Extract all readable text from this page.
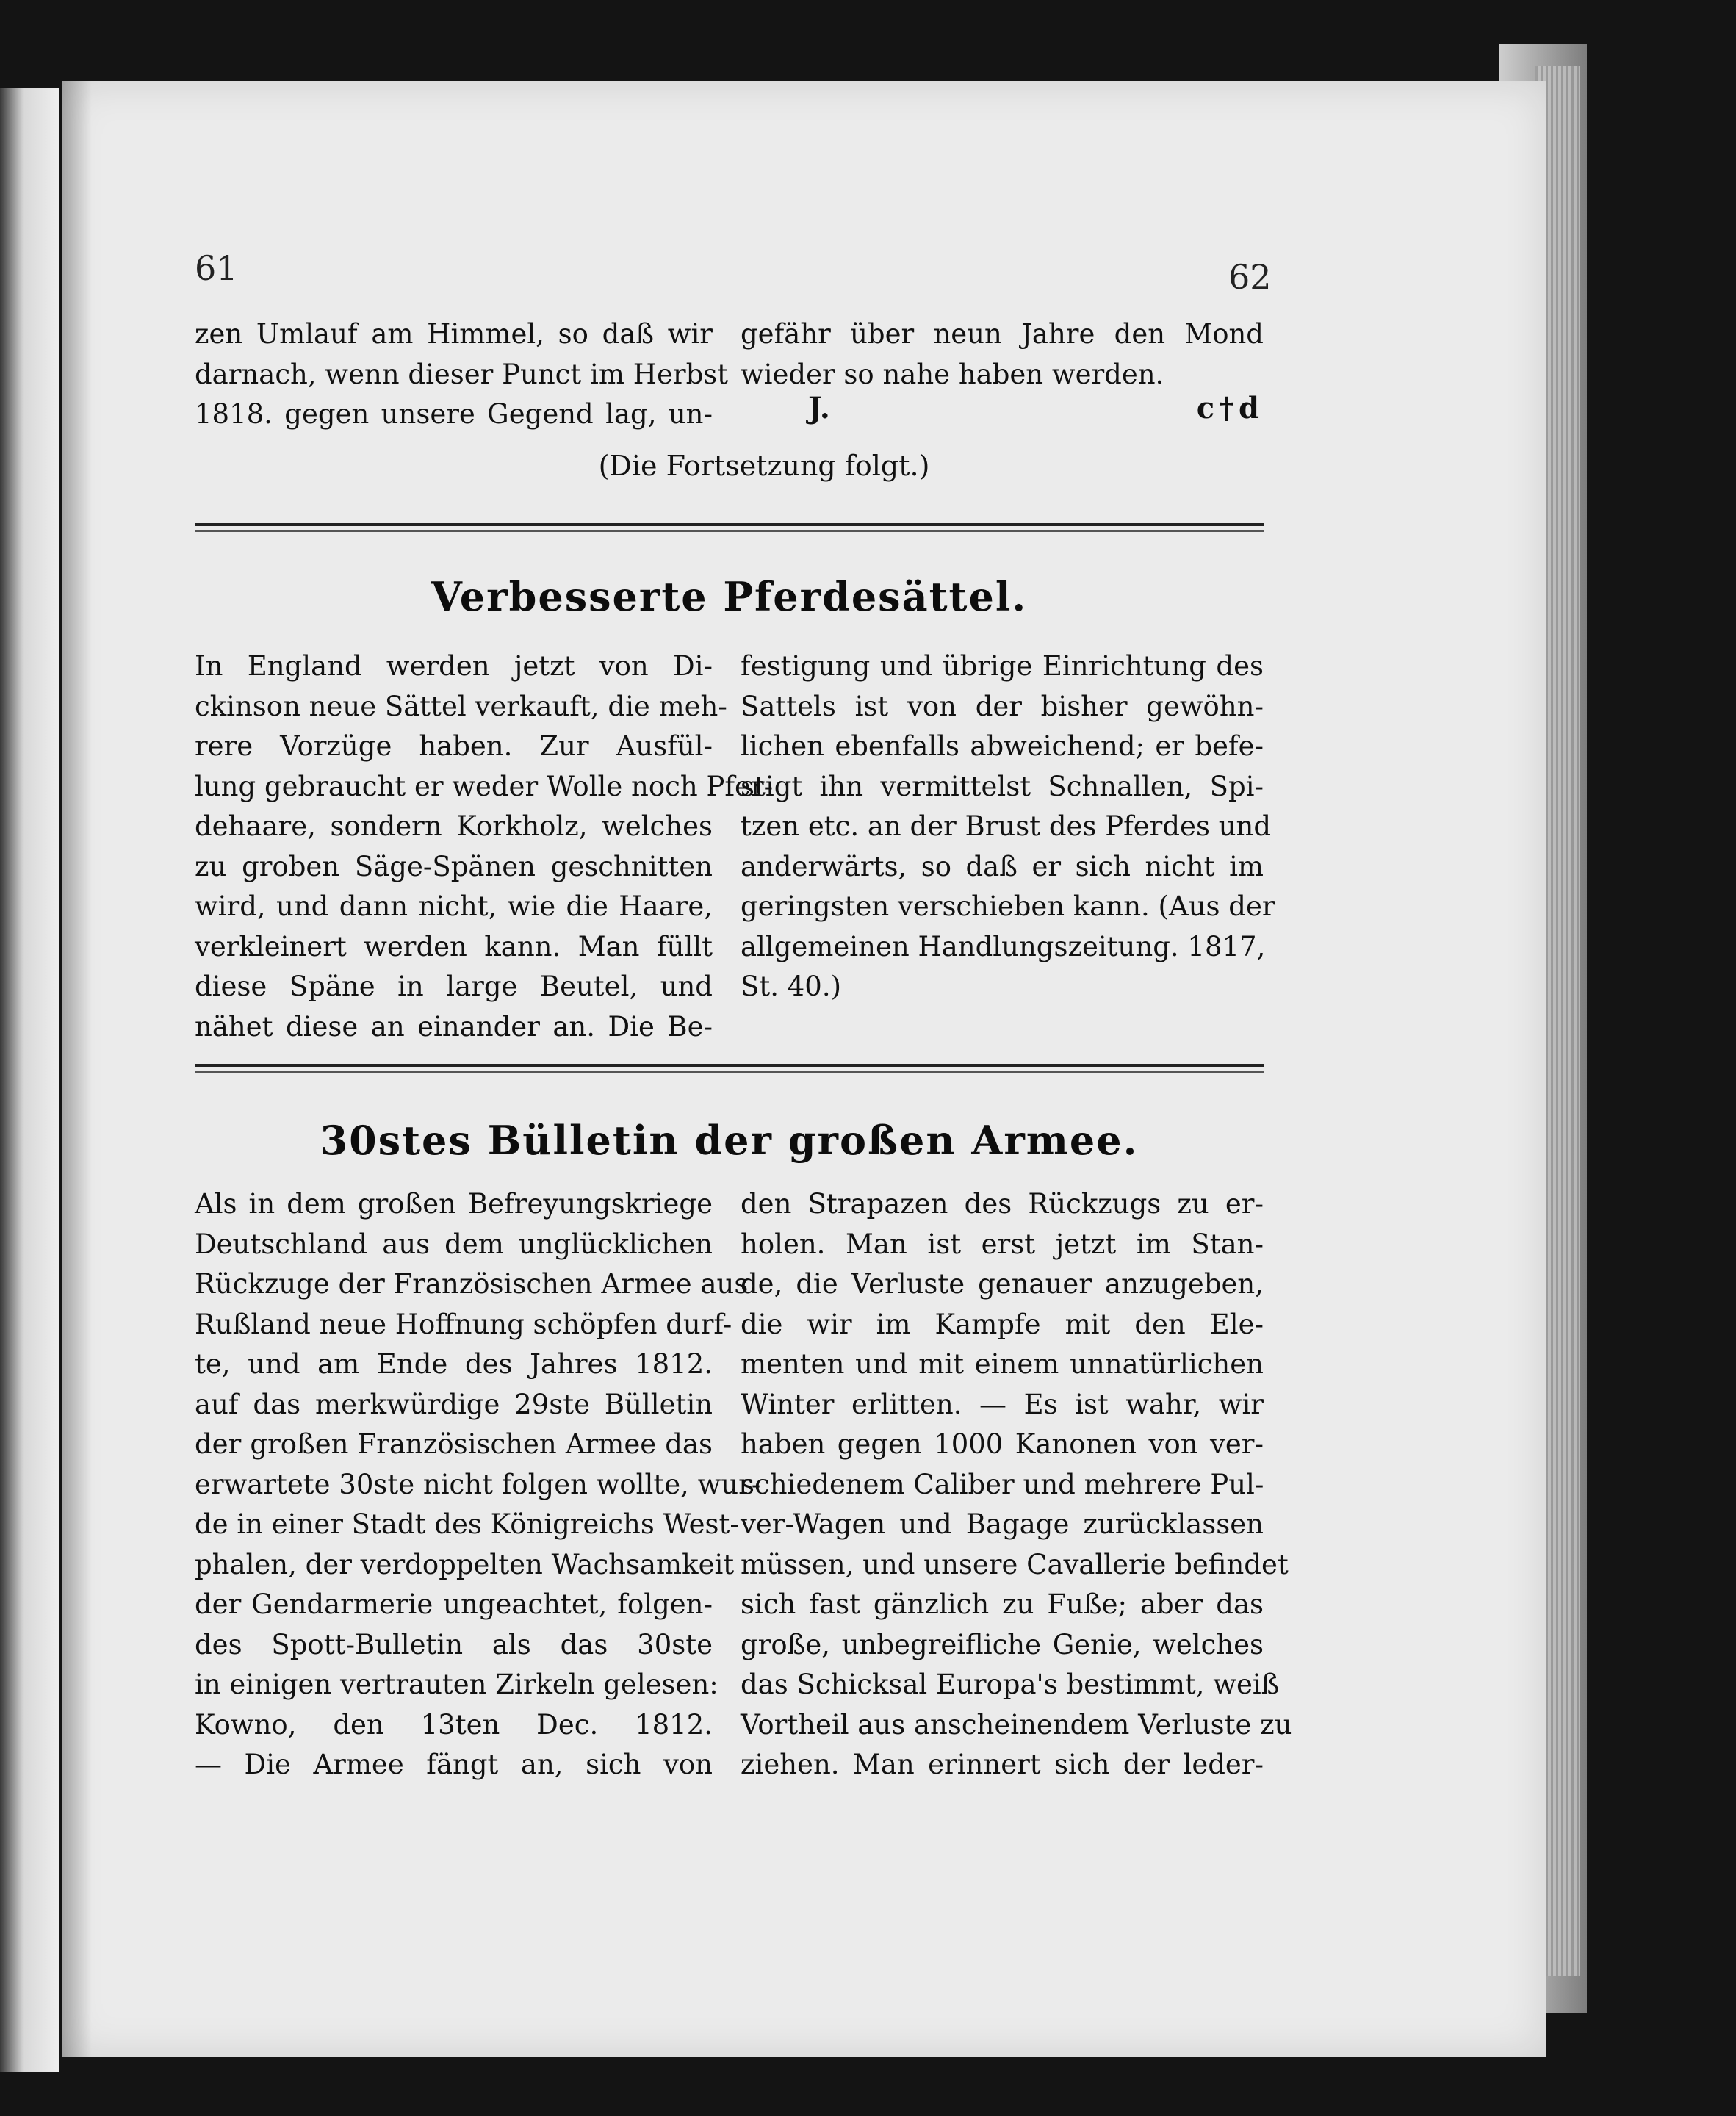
61	62
zen Umlauf am Himmel, so daß wir
darnach, wenn dieser Punct im Herbst
1818. gegen unsere Gegend lag, un-
gefähr über neun Jahre den Mond
wieder so nahe haben werden.
J.	c†d
(Die Fortsetzung folgt.)
Verbesserte Pferdesättel.
In England werden jetzt von Di-
ckinson neue Sättel verkauft, die meh-
rere Vorzüge haben. Zur Ausfül-
lung gebraucht er weder Wolle noch Pfer-
dehaare, sondern Korkholz, welches
zu groben Säge-Spänen geschnitten
wird, und dann nicht, wie die Haare,
verkleinert werden kann. Man füllt
diese Späne in large Beutel, und
nähet diese an einander an. Die Be-
festigung und übrige Einrichtung des
Sattels ist von der bisher gewöhn-
lichen ebenfalls abweichend; er befe-
stigt ihn vermittelst Schnallen, Spi-
tzen etc. an der Brust des Pferdes und
anderwärts, so daß er sich nicht im
geringsten verschieben kann. (Aus der
allgemeinen Handlungszeitung. 1817,
St. 40.)
30stes Bülletin der großen Armee.
Als in dem großen Befreyungskriege
Deutschland aus dem unglücklichen
Rückzuge der Französischen Armee aus
Rußland neue Hoffnung schöpfen durf-
te, und am Ende des Jahres 1812.
auf das merkwürdige 29ste Bülletin
der großen Französischen Armee das
erwartete 30ste nicht folgen wollte, wur-
de in einer Stadt des Königreichs West-
phalen, der verdoppelten Wachsamkeit
der Gendarmerie ungeachtet, folgen-
des Spott-Bulletin als das 30ste
in einigen vertrauten Zirkeln gelesen:
Kowno, den 13ten Dec. 1812.
— Die Armee fängt an, sich von
den Strapazen des Rückzugs zu er-
holen. Man ist erst jetzt im Stan-
de, die Verluste genauer anzugeben,
die wir im Kampfe mit den Ele-
menten und mit einem unnatürlichen
Winter erlitten. — Es ist wahr, wir
haben gegen 1000 Kanonen von ver-
schiedenem Caliber und mehrere Pul-
ver-Wagen und Bagage zurücklassen
müssen, und unsere Cavallerie befindet
sich fast gänzlich zu Fuße; aber das
große, unbegreifliche Genie, welches
das Schicksal Europa's bestimmt, weiß
Vortheil aus anscheinendem Verluste zu
ziehen. Man erinnert sich der leder-
